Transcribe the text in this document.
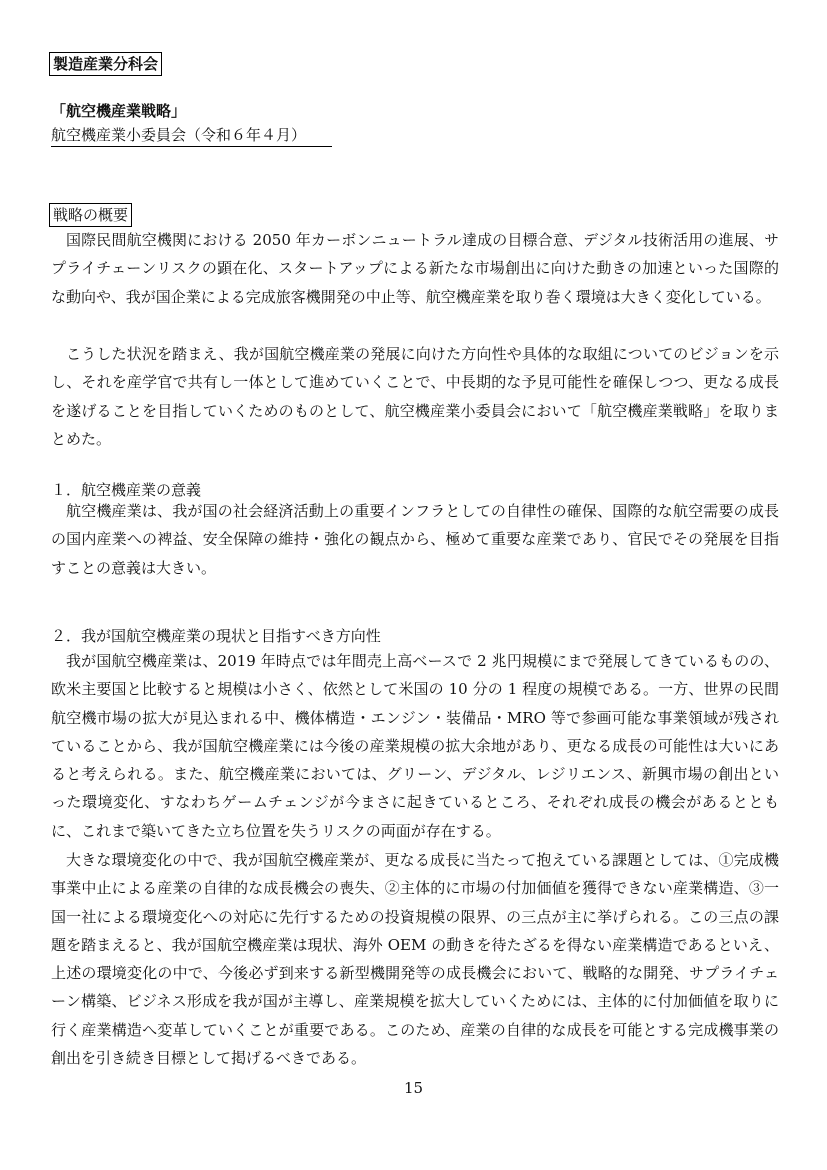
製造産業分科会
「航空機産業戦略」
航空機産業小委員会（令和６年４月）
戦略の概要

国際民間航空機関における 2050 年カーボンニュートラル達成の目標合意、デジタル技術活用の進展、サプライチェーンリスクの顕在化、スタートアップによる新たな市場創出に向けた動きの加速といった国際的な動向や、我が国企業による完成旅客機開発の中止等、航空機産業を取り巻く環境は大きく変化している。

こうした状況を踏まえ、我が国航空機産業の発展に向けた方向性や具体的な取組についてのビジョンを示し、それを産学官で共有し一体として進めていくことで、中長期的な予見可能性を確保しつつ、更なる成長を遂げることを目指していくためのものとして、航空機産業小委員会において「航空機産業戦略」を取りまとめた。

１．航空機産業の意義

航空機産業は、我が国の社会経済活動上の重要インフラとしての自律性の確保、国際的な航空需要の成長の国内産業への裨益、安全保障の維持・強化の観点から、極めて重要な産業であり、官民でその発展を目指すことの意義は大きい。

２．我が国航空機産業の現状と目指すべき方向性

我が国航空機産業は、2019 年時点では年間売上高ベースで 2 兆円規模にまで発展してきているものの、欧米主要国と比較すると規模は小さく、依然として米国の 10 分の 1 程度の規模である。一方、世界の民間航空機市場の拡大が見込まれる中、機体構造・エンジン・装備品・MRO 等で参画可能な事業領域が残されていることから、我が国航空機産業には今後の産業規模の拡大余地があり、更なる成長の可能性は大いにあると考えられる。また、航空機産業においては、グリーン、デジタル、レジリエンス、新興市場の創出といった環境変化、すなわちゲームチェンジが今まさに起きているところ、それぞれ成長の機会があるとともに、これまで築いてきた立ち位置を失うリスクの両面が存在する。

大きな環境変化の中で、我が国航空機産業が、更なる成長に当たって抱えている課題としては、①完成機事業中止による産業の自律的な成長機会の喪失、②主体的に市場の付加価値を獲得できない産業構造、③一国一社による環境変化への対応に先行するための投資規模の限界、の三点が主に挙げられる。この三点の課題を踏まえると、我が国航空機産業は現状、海外 OEM の動きを待たざるを得ない産業構造であるといえ、上述の環境変化の中で、今後必ず到来する新型機開発等の成長機会において、戦略的な開発、サプライチェーン構築、ビジネス形成を我が国が主導し、産業規模を拡大していくためには、主体的に付加価値を取りに行く産業構造へ変革していくことが重要である。このため、産業の自律的な成長を可能とする完成機事業の創出を引き続き目標として掲げるべきである。

15
